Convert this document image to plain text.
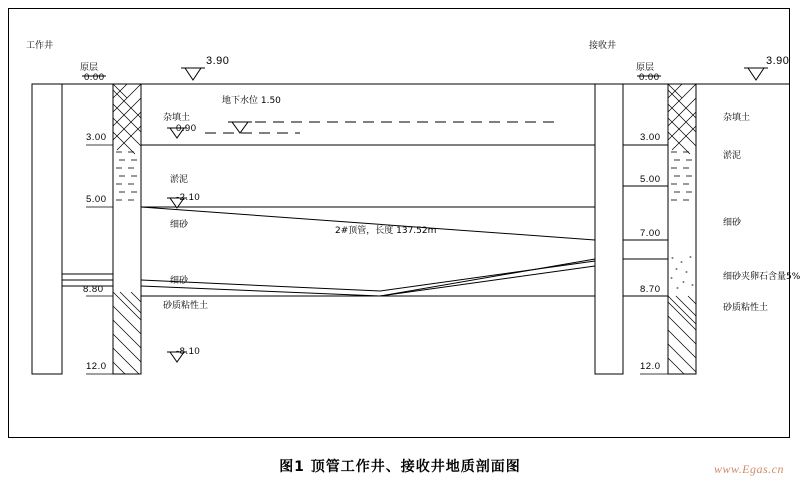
工作井	接收井
原层
0.00
原层
0.00
3.90	3.90
3.00
5.00
8.80
12.0
3.00
5.00
7.00
8.70
12.0
杂填土
0.90
淤泥
-2.10
细砂
细砂
砂质粘性土
-8.10
杂填土
淤泥
细砂
细砂夹卵石含量5%
砂质粘性土
地下水位 1.50
2#顶管，长度 137.52m
图1 顶管工作井、接收井地质剖面图	www.Egas.cn
